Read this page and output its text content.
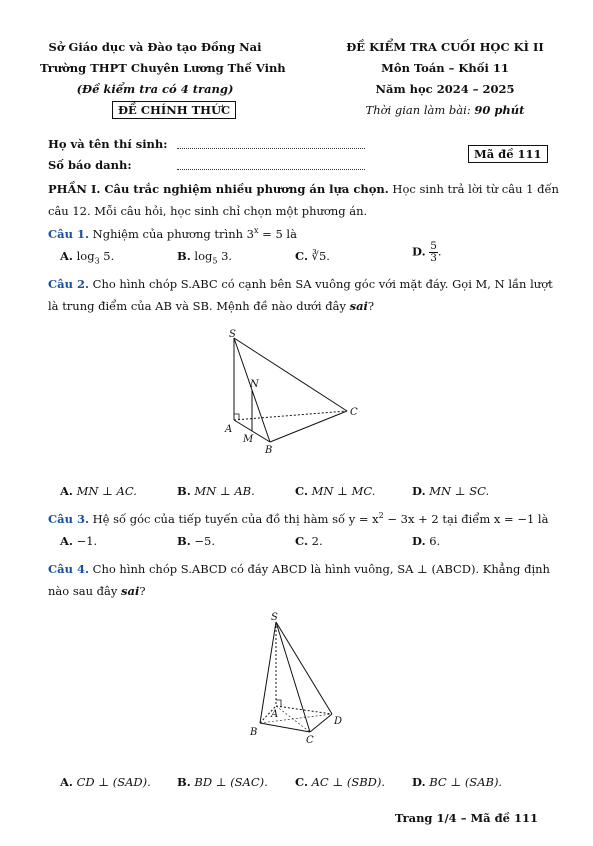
Sở Giáo dục và Đào tạo Đồng Nai
Trường THPT Chuyên Lương Thế Vinh
(Đề kiểm tra có 4 trang)
ĐỀ CHÍNH THỨC
ĐỀ KIỂM TRA CUỐI HỌC KÌ II
Môn Toán – Khối 11
Năm học 2024 – 2025
Thời gian làm bài: 90 phút
Họ và tên thí sinh:
Số báo danh:
Mã đề 111
PHẦN I. Câu trắc nghiệm nhiều phương án lựa chọn. Học sinh trả lời từ câu 1 đến
câu 12. Mỗi câu hỏi, học sinh chỉ chọn một phương án.
Câu 1. Nghiệm của phương trình $3^x = 5$ là
A. $\log_3 5$.	B. $\log_5 3$.	C. ∛5.	D. $\frac{5}{3}$ .
Câu 2. Cho hình chóp S.ABC có cạnh bên SA vuông góc với mặt đáy. Gọi M, N lần lượt
là trung điểm của AB và SB. Mệnh đề nào dưới đây sai?
S
N
C
A
M
B
A. MN ⊥ AC.	B. MN ⊥ AB.	C. MN ⊥ MC.	D. MN ⊥ SC.
Câu 3. Hệ số góc của tiếp tuyến của đồ thị hàm số $y = x^2 - 3x + 2$ tại điểm x = −1 là
A. −1.	B. −5.	C. 2.	D. 6.
Câu 4. Cho hình chóp S.ABCD có đáy ABCD là hình vuông, SA ⊥ (ABCD). Khẳng định
nào sau đây sai?
S
A
D
B
C
A. CD ⊥ (SAD). B. BD ⊥ (SAC). C. AC ⊥ (SBD). D. BC ⊥ (SAB).
Trang 1/4 – Mã đề 111
